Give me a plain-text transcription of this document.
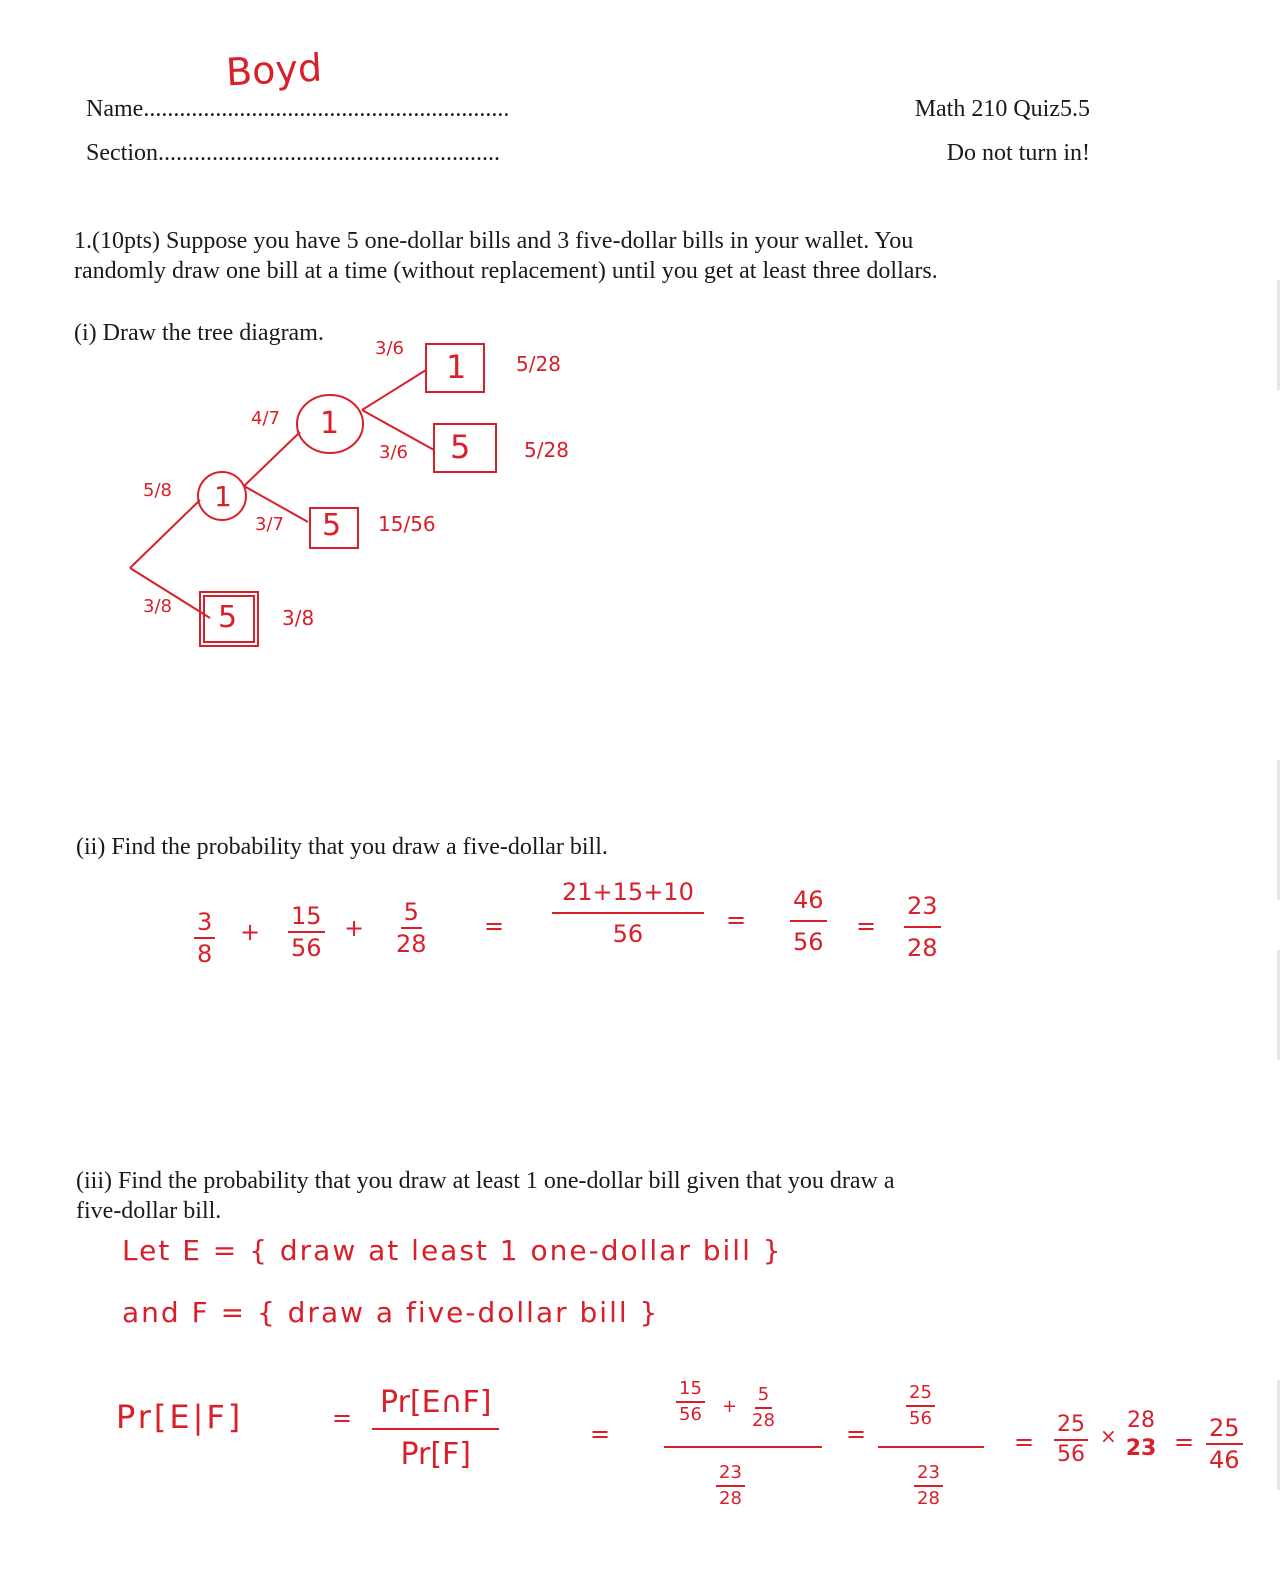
Name.............................................................
Boyd
Section.........................................................
Math 210 Quiz5.5
Do not turn in!
1.(10pts) Suppose you have 5 one-dollar bills and 3 five-dollar bills in your wallet. You
randomly draw one bill at a time (without replacement) until you get at least three dollars.
(i) Draw the tree diagram.
1
5
1
5
1
5
5/8
3/8
4/7
3/7
3/6
3/6
3/8
15/56
5/28
5/28
(ii) Find the probability that you draw a five-dollar bill.
$\frac{3}{8} + \frac{15}{56} + \frac{5}{28} = \frac{21+15+10}{56} = \frac{46}{56} = \frac{23}{28}$
(iii) Find the probability that you draw at least 1 one-dollar bill given that you draw a
five-dollar bill.
Let E = { draw at least 1 one-dollar bill }
and F = { draw a five-dollar bill }
Pr[E|F]	= $\frac{Pr[E\cap F]}{Pr[F]}$	=
$\frac{15}{56} + \frac{5}{28}$
$\frac{23}{28}$
=
$\frac{25}{56}$
$\frac{23}{28}$
= $\frac{25}{56}$ ×
28
$23 = \frac{25}{46}$
